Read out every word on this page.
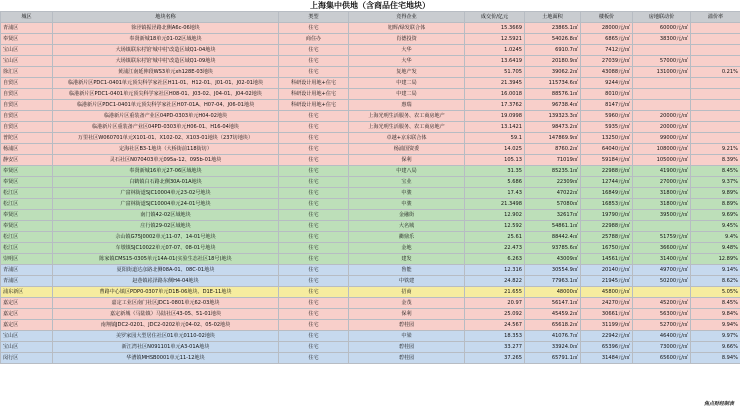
上海集中供地（含商品住宅地块）
城区	地块名称	类型	竞得企业	成交价/亿元	土地面积	楼板价	房地联动价	溢价率
青浦区	徐泾镇振泾路北侧A6c-06地块	住宅	旭辉/绿发联合体	15.3669	23865.1㎡	28000元/㎡	60000元/㎡	
奉贤区	奉贤新城18单元01-02区域地块	商住办	肖德投资	12.5921	54026.8㎡	6865元/㎡	38300元/㎡	
宝山区	大场镇联东村馆'城中村'改造区域Q1-04地块	住宅	大华	1.0245	6910.7㎡	7412元/㎡		
宝山区	大场镇联东村馆'城中村'改造区域Q1-09地块	住宅	大华	13.6419	20180.9㎡	27039元/㎡	57000元/㎡	
徐汇区	黄浦江南延伸段WS3单元xh128E-03地块	住宅	复地产发	51.705	39062.2㎡	43088元/㎡	131000元/㎡	0.21%
自贸区	临港新片区PDC1-0401单元顶尖科学家社区H11-01、H12-01、J01-01、J02-01地块	科研设计用地+住宅	中建二局	21.3945	115734.6㎡	9244元/㎡		
自贸区	临港新片区PDC1-0401单元顶尖科学家社区H08-01、J03-02、J04-01、J04-02地块	科研设计用地+住宅	中建二局	16.0018	88576.1㎡	8010元/㎡		
自贸区	临港新片区PDC1-0401单元顶尖科学家社区H07-01A、H07-04、J06-01地块	科研设计用地+住宅	惠瑞	17.3762	96738.4㎡	8147元/㎡		
自贸区	临港新片区重装备产业区04PD-0303单元H04-02地块	住宅	上海光明生活服务、农工商房地产	19.0998	139323.3㎡	5960元/㎡	20000元/㎡	
自贸区	临港新片区重装备产业区04PD-0303单元H06-01、H16-04地块	住宅	上海光明生活服务、农工商房地产	13.1421	98473.2㎡	5935元/㎡	20000元/㎡	
普陀区	万里社区W060701单元X101-01、X102-02、X103-01地块（237坊地块）	住宅	卓越+京东联合体	59.1	147869.9㎡	13250元/㎡	99000元/㎡	
杨浦区	定海社区B3-1地块（大桥街前118街坊）	住宅	杨浦国资委	14.025	8760.2㎡	64040元/㎡	108000元/㎡	9.21%
静安区	灵石社区N070403单元095a-12、095b-01地块	住宅	保利	105.13	71019㎡	59184元/㎡	105000元/㎡	8.39%
奉贤区	奉贤新城16单元27-06区域地块	住宅	中建八局	31.35	85235.1㎡	22988元/㎡	41900元/㎡	8.45%
奉贤区	白鹤镇白石路北侧30A-01A地块	住宅	宝业	5.686	22309㎡	12744元/㎡	27000元/㎡	9.37%
松江区	广富林街道SJC10004单元23-02号地块	住宅	中骏	17.43	47022㎡	16849元/㎡	31800元/㎡	9.89%
松江区	广富林街道SJC10004单元24-01号地块	住宅	中骏	21.3498	57080㎡	16853元/㎡	31800元/㎡	8.89%
奉贤区	南门镇42-02区域地块	住宅	金融街	12.902	32617㎡	19790元/㎡	39500元/㎡	9.69%
奉贤区	庄行镇29-02区域地块	住宅	大名城	12.592	54861.1㎡	22988元/㎡		9.45%
松江区	佘山镇G75J0002单元11-07、14-01号地块	住宅	衢鼎乐	25.61	88442.4㎡	25788元/㎡	51759元/㎡	9.4%
松江区	车墩镇SJC10022单元07-07、08-01号地块	住宅	金地	22.473	93785.6㎡	16750元/㎡	36600元/㎡	9.48%
崇明区	陈家镇CMS15-0305单元14A-01(实验生态社区18号)地块	住宅	建发	6.263	43009㎡	14561元/㎡	31400元/㎡	12.89%
青浦区	夏阳街道达彦路北侧08A-01、08C-01地块	住宅	鲁能	12.316	30554.9㎡	20140元/㎡	49700元/㎡	9.14%
青浦区	赵巷镇崧泽路东侧H4-04地块	住宅	中铁建	24.822	77963.1㎡	21945元/㎡	50200元/㎡	8.62%
浦东新区	曹路中心镇区PDP0-0307单元D1B-06地块、D1E-11地块	住宅	招商	21.655	48000㎡	45800元/㎡		5.05%
嘉定区	嘉定工业区南门社区JDC1-0801单元62-03地块	住宅	金茂	20.97	56147.1㎡	24270元/㎡	45200元/㎡	8.45%
嘉定区	嘉定新城（马陆镇）马陆社区43-05、51-01地块	住宅	保利	25.092	45459.2㎡	30661元/㎡	56300元/㎡	9.84%
嘉定区	南翔镇JDC2-0201、JDC2-0202单元04-02、05-02地块	住宅	碧桂园	24.567	65618.2㎡	31199元/㎡	52700元/㎡	9.94%
宝山区	美罗家园大型居住社区01单元0110-02地块	住宅	中梁	18.353	41076.7㎡	22942元/㎡	46400元/㎡	9.97%
宝山区	新江湾社区N091101单元A3-01A地块	住宅	碧桂园	33.277	33924.0㎡	65396元/㎡	73000元/㎡	9.66%
闵行区	华漕镇MHSB0001单元11-12地块	住宅	碧桂园	37.265	65791.1㎡	31484元/㎡	65600元/㎡	8.94%
焦点财经制表
